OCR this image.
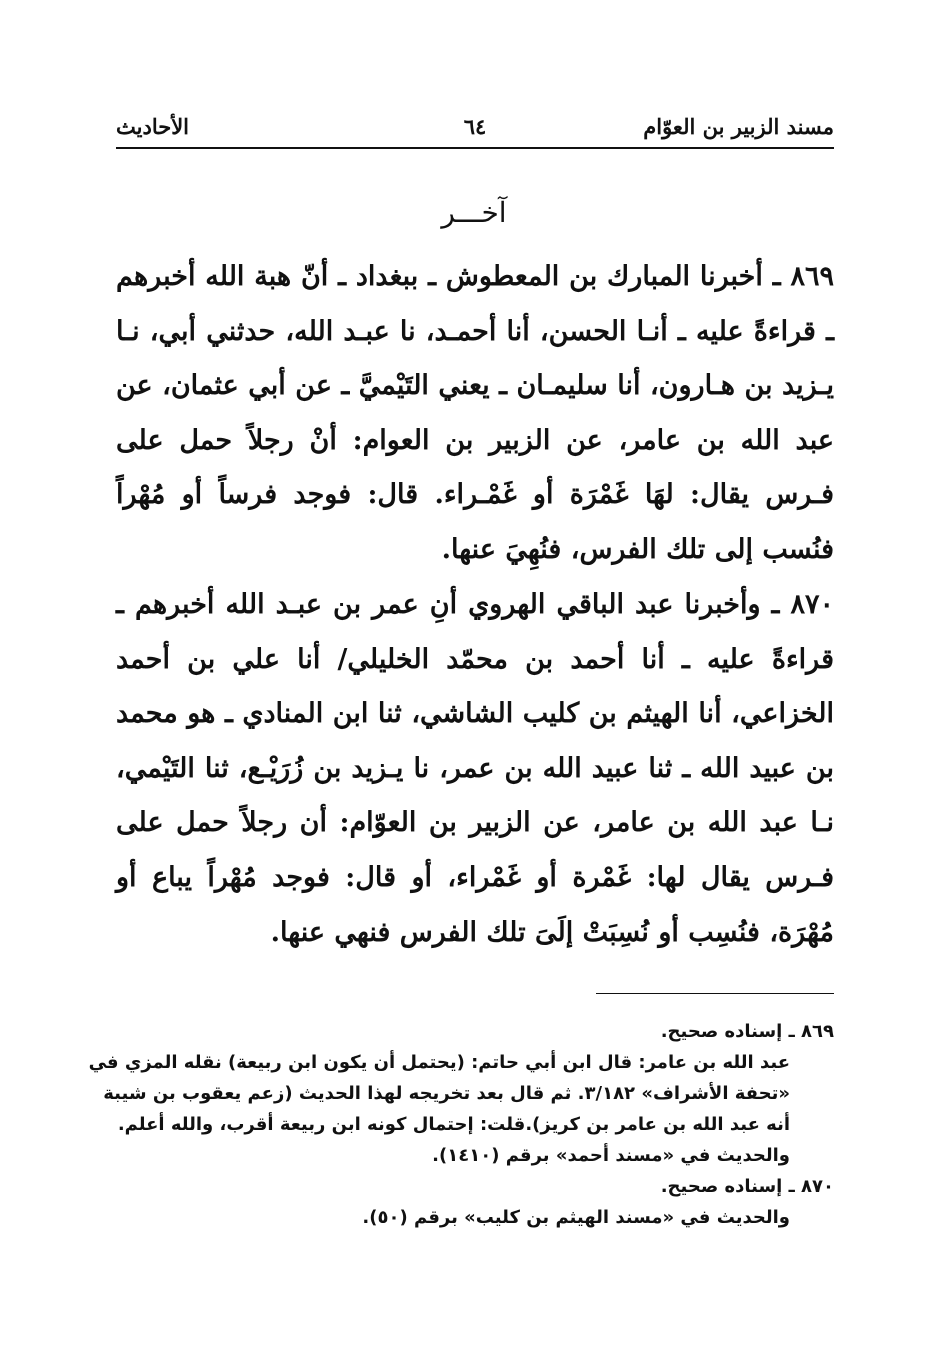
مسند الزبير بن العوّام
٦٤
الأحاديث
آخـــر
٨٦٩ ـ أخبرنا المبارك بن المعطوش ـ ببغداد ـ أنّ هبة الله أخبرهم ـ قراءةً عليه ـ أنـا الحسن، أنا أحمـد، نا عبـد الله، حدثني أبي، نـا يـزيد بن هـارون، أنا سليمـان ـ يعني التَيْميَّ ـ عن أبي عثمان، عن عبد الله بن عامر، عن الزبير بن العوام: أنْ رجلاً حمل على فـرس يقال: لهَا غَمْرَة أو غَمْـراء. قال: فوجد فرساً أو مُهْراً فنُسب إلى تلك الفرس، فنُهِيَ عنها.
٨٧٠ ـ وأخبرنا عبد الباقي الهروي أنِ عمر بن عبـد الله أخبرهم ـ قراءةً عليه ـ أنا أحمد بن محمّد الخليلي/ أنا علي بن أحمد الخزاعي، أنا الهيثم بن كليب الشاشي، ثنا ابن المنادي ـ هو محمد بن عبيد الله ـ ثنا عبيد الله بن عمر، نا يـزيد بن زُرَيْـع، ثنا التَيْمي، نـا عبد الله بن عامر، عن الزبير بن العوّام: أن رجلاً حمل على فـرس يقال لها: غَمْرة أو غَمْراء، أو قال: فوجد مُهْراً يباع أو مُهْرَة، فنُسِب أو نُسِبَتْ إلَىَ تلك الفرس فنهي عنها.
٨٦٩ ـ إسناده صحيح.
عبد الله بن عامر: قال ابن أبي حاتم: (يحتمل أن يكون ابن ربيعة) نقله المزي في
«تحفة الأشراف» ٣/١٨٢. ثم قال بعد تخريجه لهذا الحديث (زعم يعقوب بن شيبة
أنه عبد الله بن عامر بن كريز).قلت: إحتمال كونه ابن ربيعة أقرب، والله أعلم.
والحديث في «مسند أحمد» برقم (١٤١٠).
٨٧٠ ـ إسناده صحيح.
والحديث في «مسند الهيثم بن كليب» برقم (٥٠).
